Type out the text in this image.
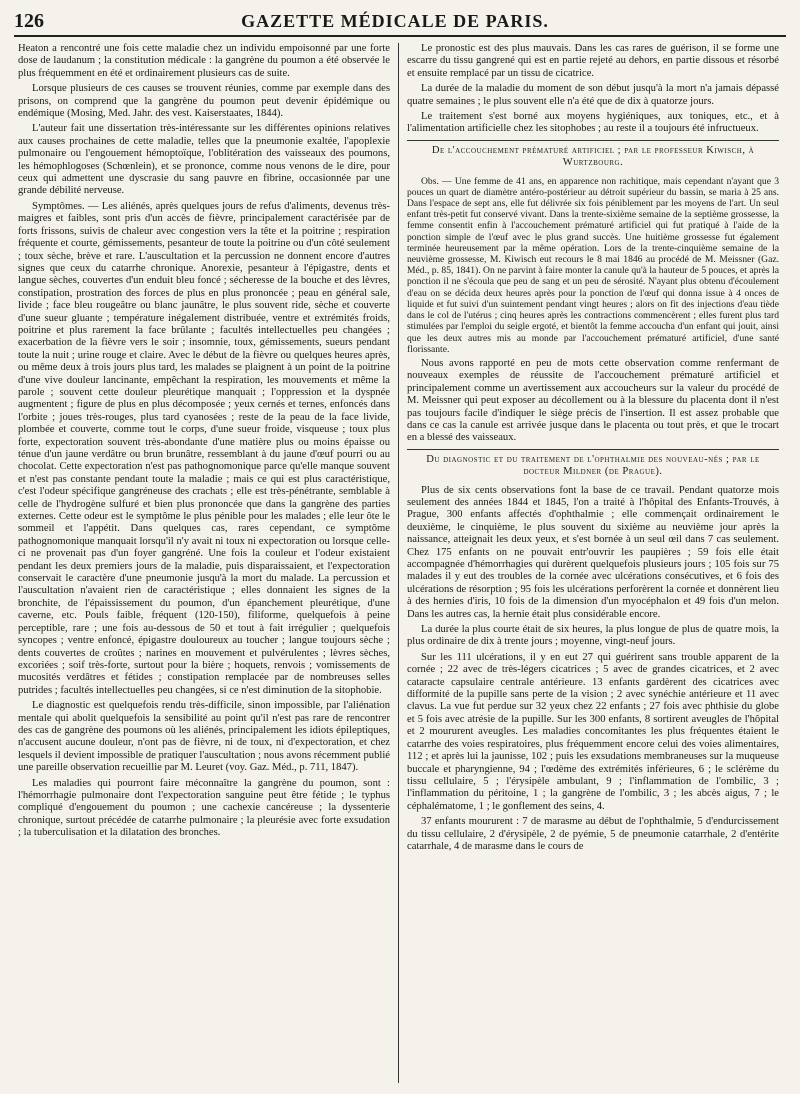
126	GAZETTE MÉDICALE DE PARIS.

Heaton a rencontré une fois cette maladie chez un individu empoisonné par une forte dose de laudanum ; la constitution médicale : la gangrène du poumon a été observée le plus fréquemment en été et ordinairement plusieurs cas de suite.

Lorsque plusieurs de ces causes se trouvent réunies, comme par exemple dans des prisons, on comprend que la gangrène du poumon peut devenir épidémique ou endémique (Mosing, Med. Jahr. des vest. Kaiserstaates, 1844).

L'auteur fait une dissertation très-intéressante sur les différentes opinions relatives aux causes prochaines de cette maladie, telles que la pneumonie exaltée, l'apoplexie pulmonaire ou l'engouement hémoptoïque, l'oblitération des vaisseaux des poumons, les hémophlogoses (Schœnlein), et se prononce, comme nous venons de le dire, pour ceux qui admettent une dyscrasie du sang pauvre en fibrine, occasionnée par une grande débilité nerveuse.

Symptômes. — Les aliénés, après quelques jours de refus d'aliments, devenus très-maigres et faibles, sont pris d'un accès de fièvre, principalement caractérisée par de forts frissons, suivis de chaleur avec congestion vers la tête et la poitrine ; respiration fréquente et courte, gémissements, pesanteur de toute la poitrine ou d'un côté seulement ; toux sèche, brève et rare. L'auscultation et la percussion ne donnent encore d'autres signes que ceux du catarrhe chronique. Anorexie, pesanteur à l'épigastre, dents et langue sèches, couvertes d'un enduit bleu foncé ; sécheresse de la bouche et des lèvres, constipation, prostration des forces de plus en plus prononcée ; peau en général sale, livide ; face bleu rougeâtre ou blanc jaunâtre, le plus souvent ride, sèche et couverte d'une sueur gluante ; température inégalement distribuée, ventre et extrémités froids, poitrine et plus rarement la face brûlante ; facultés intellectuelles peu changées ; exacerbation de la fièvre vers le soir ; insomnie, toux, gémissements, sueurs pendant toute la nuit ; urine rouge et claire. Avec le début de la fièvre ou quelques heures après, ou même deux à trois jours plus tard, les malades se plaignent à un point de la poitrine d'une vive douleur lancinante, empêchant la respiration, les mouvements et même la parole ; souvent cette douleur pleurétique manquait ; l'oppression et la dyspnée augmentent ; figure de plus en plus décomposée ; yeux cernés et ternes, enfoncés dans l'orbite ; joues très-rouges, plus tard cyanosées ; reste de la peau de la face livide, plombée et couverte, comme tout le corps, d'une sueur froide, visqueuse ; toux plus forte, expectoration souvent très-abondante d'une matière plus ou moins épaisse ou ténue d'un jaune verdâtre ou brun brunâtre, ressemblant à du jaune d'œuf pourri ou au chocolat. Cette expectoration n'est pas pathognomonique parce qu'elle manque souvent et n'est pas constante pendant toute la maladie ; mais ce qui est plus caractéristique, c'est l'odeur spécifique gangréneuse des crachats ; elle est très-pénétrante, semblable à celle de l'hydrogène sulfuré et bien plus prononcée que dans la gangrène des parties externes. Cette odeur est le symptôme le plus pénible pour les malades ; elle leur ôte le sommeil et l'appétit. Dans quelques cas, rares cependant, ce symptôme pathognomonique manquait lorsqu'il n'y avait ni toux ni expectoration ou lorsque celle-ci ne provenait pas d'un foyer gangréné. Une fois la couleur et l'odeur existaient pendant les deux premiers jours de la maladie, puis disparaissaient, et l'expectoration conservait le caractère d'une pneumonie jusqu'à la mort du malade. La percussion et l'auscultation n'avaient rien de caractéristique ; elles donnaient les signes de la bronchite, de l'épaississement du poumon, d'un épanchement pleurétique, d'une caverne, etc. Pouls faible, fréquent (120-150), filiforme, quelquefois à peine perceptible, rare ; une fois au-dessous de 50 et tout à fait irrégulier ; quelquefois syncopes ; ventre enfoncé, épigastre douloureux au toucher ; langue toujours sèche ; dents couvertes de croûtes ; narines en mouvement et pulvérulentes ; lèvres sèches, excoriées ; soif très-forte, surtout pour la bière ; hoquets, renvois ; vomissements de mucosités verdâtres et fétides ; constipation remplacée par de nombreuses selles putrides ; facultés intellectuelles peu changées, si ce n'est diminution de la sitophobie.

Le diagnostic est quelquefois rendu très-difficile, sinon impossible, par l'aliénation mentale qui abolit quelquefois la sensibilité au point qu'il n'est pas rare de rencontrer des cas de gangrène des poumons où les aliénés, principalement les idiots épileptiques, n'accusent aucune douleur, n'ont pas de fièvre, ni de toux, ni d'expectoration, et chez lesquels il devient impossible de pratiquer l'auscultation ; nous avons récemment publié une pareille observation recueillie par M. Leuret (voy. Gaz. Méd., p. 711, 1847).

Les maladies qui pourront faire méconnaître la gangrène du poumon, sont : l'hémorrhagie pulmonaire dont l'expectoration sanguine peut être fétide ; le typhus compliqué d'engouement du poumon ; une cachexie cancéreuse ; la dyssenterie chronique, surtout précédée de catarrhe pulmonaire ; la pleurésie avec forte exsudation ; la tuberculisation et la dilatation des bronches.

Le pronostic est des plus mauvais. Dans les cas rares de guérison, il se forme une escarre du tissu gangrené qui est en partie rejeté au dehors, en partie dissous et résorbé et ensuite remplacé par un tissu de cicatrice.

La durée de la maladie du moment de son début jusqu'à la mort n'a jamais dépassé quatre semaines ; le plus souvent elle n'a été que de dix à quatorze jours.

Le traitement s'est borné aux moyens hygiéniques, aux toniques, etc., et à l'alimentation artificielle chez les sitophobes ; au reste il a toujours été infructueux.

De l'accouchement prématuré artificiel ; par le professeur Kiwisch, à Wurtzbourg.

Obs. — Une femme de 41 ans, en apparence non rachitique, mais cependant n'ayant que 3 pouces un quart de diamètre antéro-postérieur au détroit supérieur du bassin, se maria à 25 ans. Dans l'espace de sept ans, elle fut délivrée six fois péniblement par les moyens de l'art. Un seul enfant très-petit fut conservé vivant. Dans la trente-sixième semaine de la septième grossesse, la femme consentit enfin à l'accouchement prématuré artificiel qui fut pratiqué à l'aide de la ponction simple de l'œuf avec le plus grand succès. Une huitième grossesse fut également terminée heureusement par la même opération. Lors de la trente-cinquième semaine de la neuvième grossesse, M. Kiwisch eut recours le 8 mai 1846 au procédé de M. Meissner (Gaz. Méd., p. 85, 1841). On ne parvint à faire monter la canule qu'à la hauteur de 5 pouces, et après la ponction il ne s'écoula que peu de sang et un peu de sérosité. N'ayant plus obtenu d'écoulement d'eau on se décida deux heures après pour la ponction de l'œuf qui donna issue à 4 onces de liquide et fut suivi d'un suintement pendant vingt heures ; alors on fit des injections d'eau tiède dans le col de l'utérus ; cinq heures après les contractions commencèrent ; elles furent plus tard stimulées par l'emploi du seigle ergoté, et bientôt la femme accoucha d'un enfant qui jouit, ainsi que les deux autres mis au monde par l'accouchement prématuré artificiel, d'une santé florissante.

Nous avons rapporté en peu de mots cette observation comme renfermant de nouveaux exemples de réussite de l'accouchement prématuré artificiel et principalement comme un avertissement aux accoucheurs sur la valeur du procédé de M. Meissner qui peut exposer au décollement ou à la blessure du placenta dont il n'est pas toujours facile d'indiquer le siège précis de l'insertion. Il est assez probable que dans ce cas la canule est arrivée jusque dans le placenta ou tout près, et que le trocart en a blessé des vaisseaux.

Du diagnostic et du traitement de l'ophthalmie des nouveau-nés ; par le docteur Mildner (de Prague).

Plus de six cents observations font la base de ce travail. Pendant quatorze mois seulement des années 1844 et 1845, l'on a traité à l'hôpital des Enfants-Trouvés, à Prague, 300 enfants affectés d'ophthalmie ; elle commençait ordinairement le deuxième, le cinquième, le plus souvent du sixième au neuvième jour après la naissance, atteignait les deux yeux, et s'est bornée à un seul œil dans 7 cas seulement. Chez 175 enfants on ne pouvait entr'ouvrir les paupières ; 59 fois elle était accompagnée d'hémorrhagies qui durèrent quelquefois plusieurs jours ; 105 fois sur 75 malades il y eut des troubles de la cornée avec ulcérations consécutives, et 6 fois des ulcérations de résorption ; 95 fois les ulcérations perforèrent la cornée et donnèrent lieu à des hernies d'iris, 10 fois de la dimension d'un myocéphalon et 49 fois d'un melon. Dans les autres cas, la hernie était plus considérable encore.

La durée la plus courte était de six heures, la plus longue de plus de quatre mois, la plus ordinaire de dix à trente jours ; moyenne, vingt-neuf jours.

Sur les 111 ulcérations, il y en eut 27 qui guérirent sans trouble apparent de la cornée ; 22 avec de très-légers cicatrices ; 5 avec de grandes cicatrices, et 2 avec cataracte capsulaire centrale antérieure. 13 enfants gardèrent des cicatrices avec difformité de la pupille sans perte de la vision ; 2 avec synéchie antérieure et 11 avec clavus. La vue fut perdue sur 32 yeux chez 22 enfants ; 27 fois avec phthisie du globe et 5 fois avec atrésie de la pupille. Sur les 300 enfants, 8 sortirent aveugles de l'hôpital et 2 moururent aveugles. Les maladies concomitantes les plus fréquentes étaient le catarrhe des voies respiratoires, plus fréquemment encore celui des voies alimentaires, 112 ; et après lui la jaunisse, 102 ; puis les exsudations membraneuses sur la muqueuse buccale et pharyngienne, 94 ; l'œdème des extrémités inférieures, 6 ; le sclérème du tissu cellulaire, 5 ; l'érysipèle ambulant, 9 ; l'inflammation de l'ombilic, 3 ; l'inflammation du péritoine, 1 ; la gangrène de l'ombilic, 3 ; les abcès aigus, 7 ; le céphalématome, 1 ; le gonflement des seins, 4.

37 enfants moururent : 7 de marasme au début de l'ophthalmie, 5 d'endurcissement du tissu cellulaire, 2 d'érysipèle, 2 de pyémie, 5 de pneumonie catarrhale, 2 d'entérite catarrhale, 4 de marasme dans le cours de
